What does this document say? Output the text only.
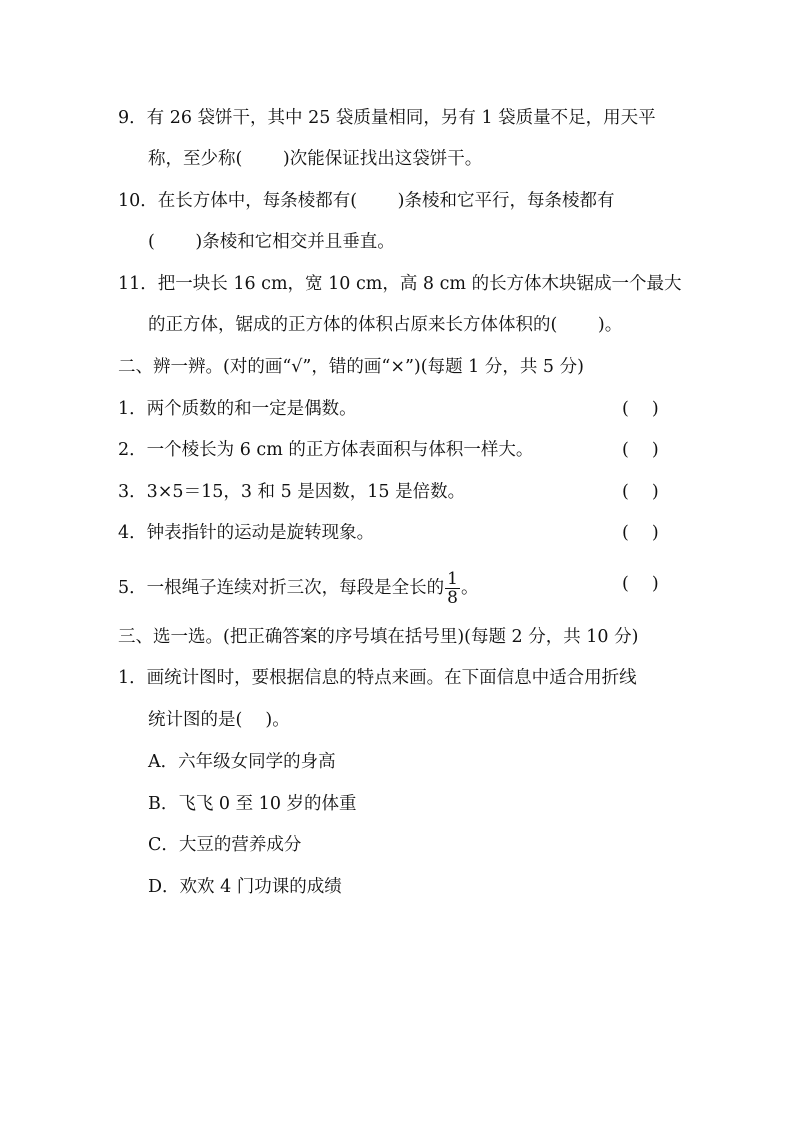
9．有 26 袋饼干，其中 25 袋质量相同，另有 1 袋质量不足，用天平
称，至少称(　　 )次能保证找出这袋饼干。
10．在长方体中，每条棱都有(　　 )条棱和它平行，每条棱都有
(　　 )条棱和它相交并且垂直。
11．把一块长 16 cm，宽 10 cm，高 8 cm 的长方体木块锯成一个最大
的正方体，锯成的正方体的体积占原来长方体体积的(　　 )。
二、辨一辨。(对的画“√”，错的画“×”)(每题 1 分，共 5 分)
1．两个质数的和一定是偶数。	(　 )
2．一个棱长为 6 cm 的正方体表面积与体积一样大。	(　 )
3．3×5＝15，3 和 5 是因数，15 是倍数。	(　 )
4．钟表指针的运动是旋转现象。	(　 )
5．一根绳子连续对折三次，每段是全长的 $\frac{1}{8}$ 。	(　 )
三、选一选。(把正确答案的序号填在括号里)(每题 2 分，共 10 分)
1．画统计图时，要根据信息的特点来画。在下面信息中适合用折线
统计图的是(　 )。
A．六年级女同学的身高
B．飞飞 0 至 10 岁的体重
C．大豆的营养成分
D．欢欢 4 门功课的成绩
